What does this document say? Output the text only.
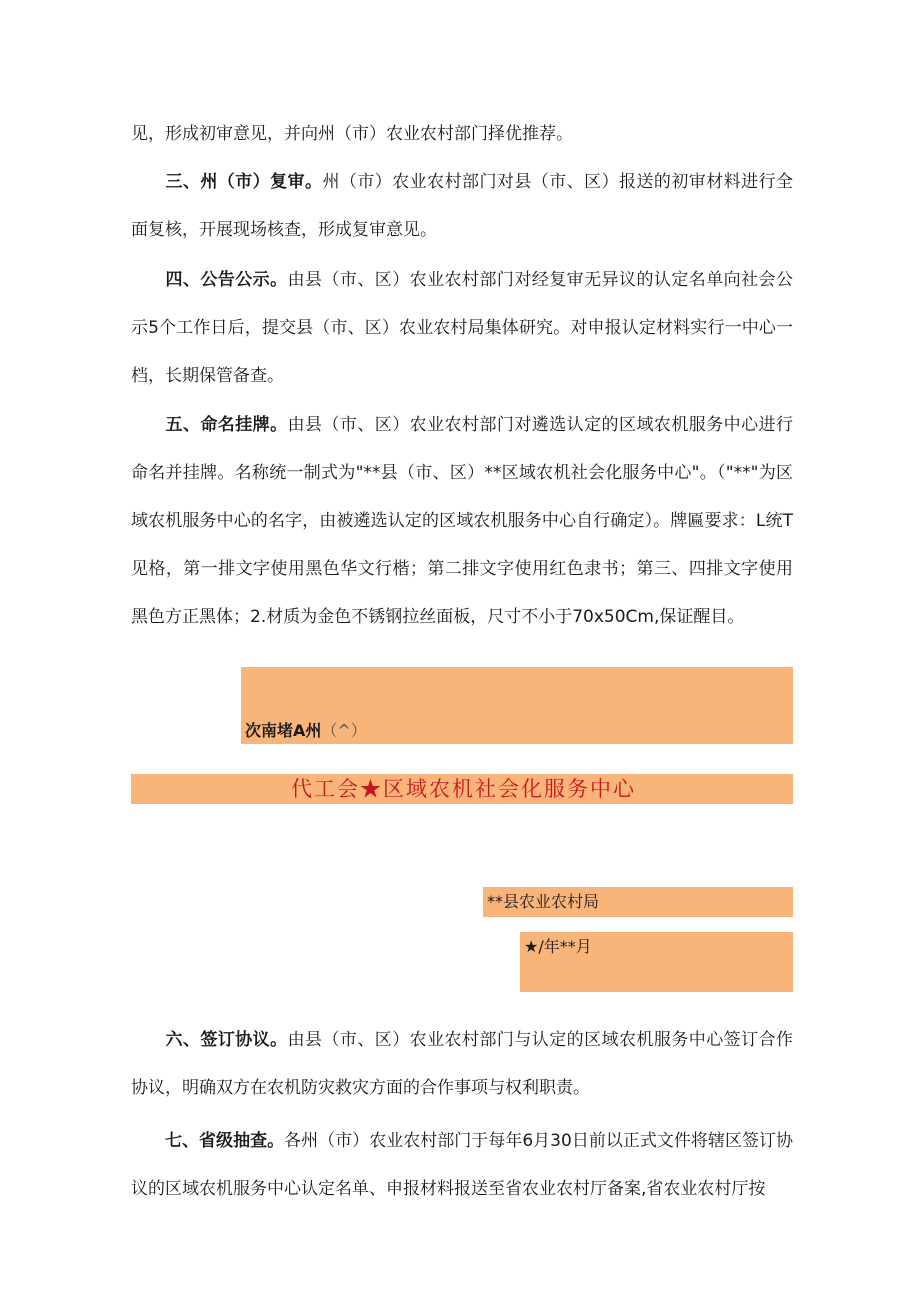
见，形成初审意见，并向州（市）农业农村部门择优推荐。

三、州（市）复审。州（市）农业农村部门对县（市、区）报送的初审材料进行全面复核，开展现场核查，形成复审意见。

四、公告公示。由县（市、区）农业农村部门对经复审无异议的认定名单向社会公示5个工作日后，提交县（市、区）农业农村局集体研究。对申报认定材料实行一中心一档，长期保管备查。

五、命名挂牌。由县（市、区）农业农村部门对遴选认定的区域农机服务中心进行命名并挂牌。名称统一制式为"**县（市、区）**区域农机社会化服务中心"。（"**"为区域农机服务中心的名字，由被遴选认定的区域农机服务中心自行确定）。牌匾要求：L统T见格，第一排文字使用黑色华文行楷；第二排文字使用红色隶书；第三、四排文字使用黑色方正黑体；2.材质为金色不锈钢拉丝面板，尺寸不小于70x50Cm,保证醒目。

次南堵A州（^）
代工会★区域农机社会化服务中心
**县农业农村局
★/年**月

六、签订协议。由县（市、区）农业农村部门与认定的区域农机服务中心签订合作协议，明确双方在农机防灾救灾方面的合作事项与权利职责。

七、省级抽查。各州（市）农业农村部门于每年6月30日前以正式文件将辖区签订协议的区域农机服务中心认定名单、申报材料报送至省农业农村厅备案,省农业农村厅按
